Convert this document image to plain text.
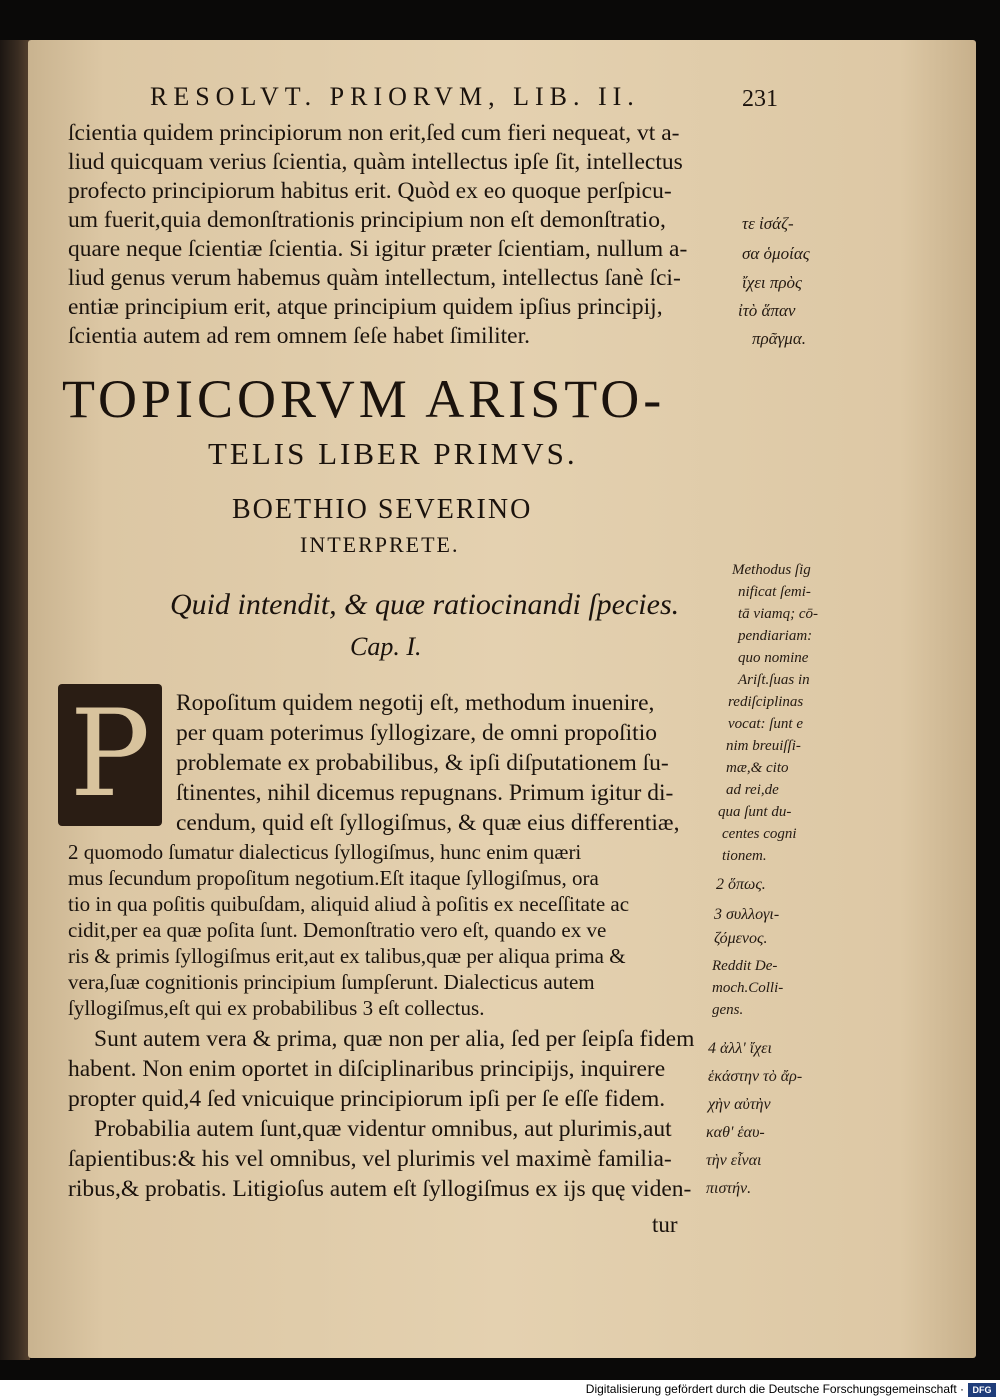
RESOLVT. PRIORVM, LIB. II.	231
ſcientia quidem principiorum non erit,ſed cum fieri nequeat, vt a-
liud quicquam verius ſcientia, quàm intellectus ipſe ſit, intellectus
profecto principiorum habitus erit. Quòd ex eo quoque perſpicu-
um fuerit,quia demonſtrationis principium non eſt demonſtratio,
quare neque ſcientiæ ſcientia. Si igitur præter ſcientiam, nullum a-
liud genus verum habemus quàm intellectum, intellectus ſanè ſci-
entiæ principium erit, atque principium quidem ipſius principij,
ſcientia autem ad rem omnem ſeſe habet ſimiliter.
τε ἰσάζ-
σα ὁμοίας
ἴχει πρὸς
ἰτὸ ἅπαν
πρᾶγμα.
TOPICORVM ARISTO-
TELIS LIBER PRIMVS.
BOETHIO SEVERINO
INTERPRETE.
Quid intendit, & quæ ratiocinandi ſpecies.
Cap. I.
P Ropoſitum quidem negotij eſt, methodum inuenire,
per quam poterimus ſyllogizare, de omni propoſitio
problemate ex probabilibus, & ipſi diſputationem ſu-
ſtinentes, nihil dicemus repugnans. Primum igitur di-
cendum, quid eſt ſyllogiſmus, & quæ eius differentiæ,
2 quomodo ſumatur dialecticus ſyllogiſmus, hunc enim quæri
mus ſecundum propoſitum negotium.Eſt itaque ſyllogiſmus, ora
tio in qua poſitis quibuſdam, aliquid aliud à poſitis ex neceſſitate ac
cidit,per ea quæ poſita ſunt. Demonſtratio vero eſt, quando ex ve
ris & primis ſyllogiſmus erit,aut ex talibus,quæ per aliqua prima &
vera,ſuæ cognitionis principium ſumpſerunt. Dialecticus autem
ſyllogiſmus,eſt qui ex probabilibus 3 eſt collectus.
Sunt autem vera & prima, quæ non per alia, ſed per ſeipſa fidem
habent. Non enim oportet in diſciplinaribus principijs, inquirere
propter quid,4 ſed vnicuique principiorum ipſi per ſe eſſe fidem.
Probabilia autem ſunt,quæ videntur omnibus, aut plurimis,aut
ſapientibus:& his vel omnibus, vel plurimis vel maximè familia-
ribus,& probatis. Litigioſus autem eſt ſyllogiſmus ex ijs quę viden-
tur
Methodus ſig
nificat ſemi-
tā viamq; cō-
pendiariam:
quo nomine
Ariſt.ſuas in
rediſciplinas
vocat: ſunt e
nim breuiſſi-
mæ,& cito
ad rei,de
qua ſunt du-
centes cogni
tionem.
2 ὅπως.
3 συλλογι-
ζόμενος.
Reddit De-
moch.Colli-
gens.
4 ἀλλ' ἴχει
ἑκάστην τὸ ἄρ-
χὴν αὐτὴν
καθ' ἑαυ-
τὴν εἶναι
πιστήν.
Digitalisierung gefördert durch die Deutsche Forschungsgemeinschaft · DFG
